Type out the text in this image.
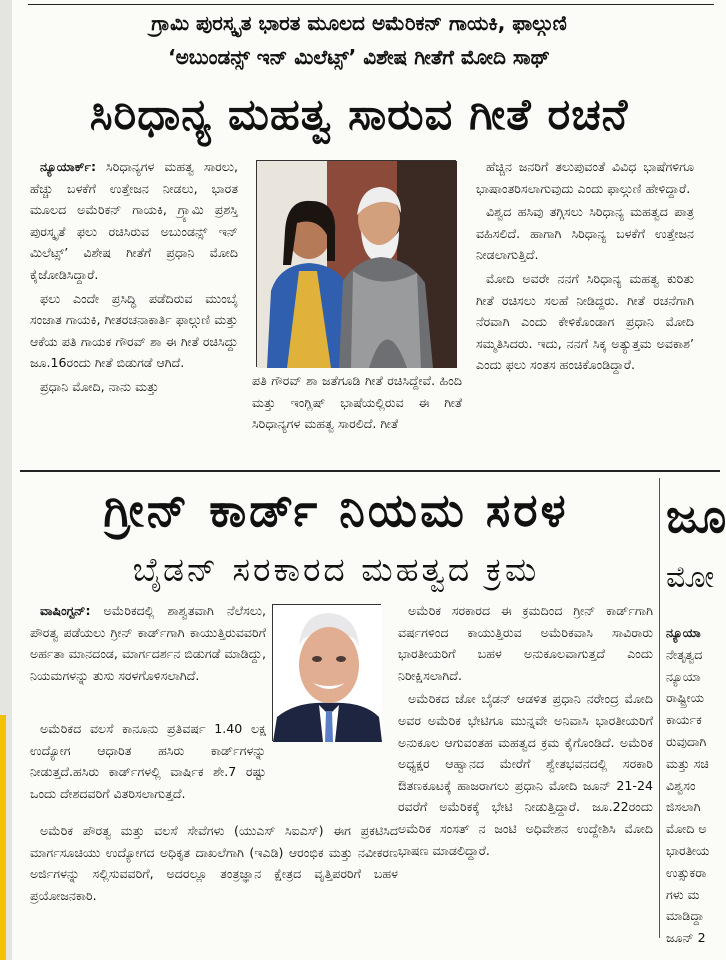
ಗ್ರಾಮಿ ಪುರಸ್ಕೃತ ಭಾರತ ಮೂಲದ ಅಮೆರಿಕನ್ ಗಾಯಕಿ, ಫಾಲ್ಗುಣಿ
‘ಅಬುಂಡನ್ಸ್ ಇನ್ ಮಿಲೆಟ್ಸ್’ ವಿಶೇಷ ಗೀತೆಗೆ ಮೋದಿ ಸಾಥ್
ಸಿರಿಧಾನ್ಯ ಮಹತ್ವ ಸಾರುವ ಗೀತೆ ರಚನೆ

ನ್ಯೂಯಾರ್ಕ್: ಸಿರಿಧಾನ್ಯಗಳ ಮಹತ್ವ ಸಾರಲು, ಹೆಚ್ಚು ಬಳಕೆಗೆ ಉತ್ತೇಜನ ನೀಡಲು, ಭಾರತ ಮೂಲದ ಅಮೆರಿಕನ್ ಗಾಯಕಿ, ಗ್ರ್ಯಾಮಿ ಪ್ರಶಸ್ತಿ ಪುರಸ್ಕೃತೆ ಫಲು ರಚಿಸಿರುವ ಅಬುಂಡನ್ಸ್ ಇನ್ ಮಿಲೆಟ್ಸ್’ ವಿಶೇಷ ಗೀತೆಗೆ ಪ್ರಧಾನಿ ಮೋದಿ ಕೈಜೋಡಿಸಿದ್ದಾರೆ.

ಫಲು ಎಂದೇ ಪ್ರಸಿದ್ಧಿ ಪಡೆದಿರುವ ಮುಂಬೈ ಸಂಜಾತ ಗಾಯಕಿ, ಗೀತರಚನಾಕಾರ್ತಿ ಫಾಲ್ಗುಣಿ ಮತ್ತು ಆಕೆಯ ಪತಿ ಗಾಯಕ ಗೌರವ್ ಶಾ ಈ ಗೀತೆ ರಚಿಸಿದ್ದು ಜೂ.16ರಂದು ಗೀತೆ ಬಿಡುಗಡೆ ಆಗಿದೆ.

ಪ್ರಧಾನಿ ಮೋದಿ, ನಾನು ಮತ್ತು	ಪತಿ ಗೌರವ್ ಶಾ ಜತೆಗೂಡಿ ಗೀತೆ ರಚಿಸಿದ್ದೇವೆ. ಹಿಂದಿ ಮತ್ತು ಇಂಗ್ಲಿಷ್ ಭಾಷೆಯಲ್ಲಿರುವ ಈ ಗೀತೆ ಸಿರಿಧಾನ್ಯಗಳ ಮಹತ್ವ ಸಾರಲಿದೆ. ಗೀತೆ

ಹೆಚ್ಚಿನ ಜನರಿಗೆ ತಲುಪುವಂತೆ ವಿವಿಧ ಭಾಷೆಗಳಿಗೂ ಭಾಷಾಂತರಿಸಲಾಗುವುದು ಎಂದು ಫಾಲ್ಗುಣಿ ಹೇಳಿದ್ದಾರೆ.

ವಿಶ್ವದ ಹಸಿವು ತಗ್ಗಿಸಲು ಸಿರಿಧಾನ್ಯ ಮಹತ್ವದ ಪಾತ್ರ ವಹಿಸಲಿದೆ. ಹಾಗಾಗಿ ಸಿರಿಧಾನ್ಯ ಬಳಕೆಗೆ ಉತ್ತೇಜನ ನೀಡಲಾಗುತ್ತಿದೆ.

ಮೋದಿ ಅವರೇ ನನಗೆ ಸಿರಿಧಾನ್ಯ ಮಹತ್ವ ಕುರಿತು ಗೀತೆ ರಚಿಸಲು ಸಲಹೆ ನೀಡಿದ್ದರು. ಗೀತೆ ರಚನೆಗಾಗಿ ನೆರವಾಗಿ ಎಂದು ಕೇಳಿಕೊಂಡಾಗ ಪ್ರಧಾನಿ ಮೋದಿ ಸಮ್ಮತಿಸಿದರು. ಇದು, ನನಗೆ ಸಿಕ್ಕ ಅತ್ಯುತ್ತಮ ಅವಕಾಶ’ ಎಂದು ಫಲು ಸಂತಸ ಹಂಚಿಕೊಂಡಿದ್ದಾರೆ.

ಗ್ರೀನ್ ಕಾರ್ಡ್ ನಿಯಮ ಸರಳ
ಬೈಡನ್ ಸರಕಾರದ ಮಹತ್ವದ ಕ್ರಮ

ವಾಷಿಂಗ್ಟನ್: ಅಮೆರಿಕದಲ್ಲಿ ಶಾಶ್ವತವಾಗಿ ನೆಲೆಸಲು, ಪೌರತ್ವ ಪಡೆಯಲು ಗ್ರೀನ್ ಕಾರ್ಡ್‌ಗಾಗಿ ಕಾಯುತ್ತಿರುವವರಿಗೆ ಅರ್ಹತಾ ಮಾನದಂಡ, ಮಾರ್ಗದರ್ಶನ ಬಿಡುಗಡೆ ಮಾಡಿದ್ದು, ನಿಯಮಗಳನ್ನು ತುಸು ಸರಳಗೊಳಿಸಲಾಗಿದೆ.

ಅಮೆರಿಕದ ವಲಸೆ ಕಾನೂನು ಪ್ರತಿವರ್ಷ 1.40 ಲಕ್ಷ ಉದ್ಯೋಗ ಆಧಾರಿತ ಹಸಿರು ಕಾರ್ಡ್‌ಗಳನ್ನು ನೀಡುತ್ತದೆ.ಹಸಿರು ಕಾರ್ಡ್‌ಗಳಲ್ಲಿ ವಾರ್ಷಿಕ ಶೇ.7 ರಷ್ಟು ಒಂದು ದೇಶದವರಿಗೆ ವಿತರಿಸಲಾಗುತ್ತದೆ.

ಅಮೆರಿಕ ಪೌರತ್ವ ಮತ್ತು ವಲಸೆ ಸೇವೆಗಳು (ಯುಎಸ್ ಸಿಐಎಸ್) ಈಗ ಪ್ರಕಟಿಸಿದ ಮಾರ್ಗಸೂಚಿಯು ಉದ್ಯೋಗದ ಅಧಿಕೃತ ದಾಖಲೆಗಾಗಿ (ಇಎಡಿ) ಆರಂಭಿಕ ಮತ್ತು ನವೀಕರಣ ಅರ್ಜಿಗಳನ್ನು ಸಲ್ಲಿಸುವವರಿಗೆ, ಅದರಲ್ಲೂ ತಂತ್ರಜ್ಞಾನ ಕ್ಷೇತ್ರದ ವೃತ್ತಿಪರರಿಗೆ ಬಹಳ ಪ್ರಯೋಜನಕಾರಿ.

ಅಮೆರಿಕ ಸರಕಾರದ ಈ ಕ್ರಮದಿಂದ ಗ್ರೀನ್ ಕಾರ್ಡ್‌ಗಾಗಿ ವರ್ಷಗಳಿಂದ ಕಾಯುತ್ತಿರುವ ಅಮೆರಿಕವಾಸಿ ಸಾವಿರಾರು ಭಾರತೀಯರಿಗೆ ಬಹಳ ಅನುಕೂಲವಾಗುತ್ತದೆ ಎಂದು ನಿರೀಕ್ಷಿಸಲಾಗಿದೆ.

ಅಮೆರಿಕದ ಜೋ ಬೈಡನ್ ಆಡಳಿತ ಪ್ರಧಾನಿ ನರೇಂದ್ರ ಮೋದಿ ಅವರ ಅಮೆರಿಕ ಭೇಟಿಗೂ ಮುನ್ನವೇ ಅನಿವಾಸಿ ಭಾರತೀಯರಿಗೆ ಅನುಕೂಲ ಆಗುವಂತಹ ಮಹತ್ವದ ಕ್ರಮ ಕೈಗೊಂಡಿದೆ. ಅಮೆರಿಕ ಅಧ್ಯಕ್ಷರ ಆಹ್ವಾನದ ಮೇರೆಗೆ ಶ್ವೇತಭವನದಲ್ಲಿ ಸರಕಾರಿ ಔತಣಕೂಟಕ್ಕೆ ಹಾಜರಾಗಲು ಪ್ರಧಾನಿ ಮೋದಿ ಜೂನ್ 21-24 ರವರೆಗೆ ಅಮೆರಿಕಕ್ಕೆ ಭೇಟಿ ನೀಡುತ್ತಿದ್ದಾರೆ. ಜೂ.22ರಂದು ಅಮೆರಿಕ ಸಂಸತ್ ನ ಜಂಟಿ ಅಧಿವೇಶನ ಉದ್ದೇಶಿಸಿ ಮೋದಿ ಭಾಷಣ ಮಾಡಲಿದ್ದಾರೆ.

ಜೂ
ಮೋ
ನ್ಯೂಯಾ
ನೇತೃತ್ವದ
ನ್ಯೂಯಾ
ರಾಷ್ಟ್ರೀಯ
ಕಾರ್ಯಕ
ರುವುದಾಗಿ
ಮತ್ತು ಸಚಿ
ವಿಶ್ವಸಂ
ಜಿಸಲಾಗಿ
ಮೋದಿ ಅ
ಭಾರತೀಯ
ಉತ್ಸುಕರಾ
ಗಳು ಮ
ಮಾಡಿದ್ದಾ
ಜೂನ್ 2
